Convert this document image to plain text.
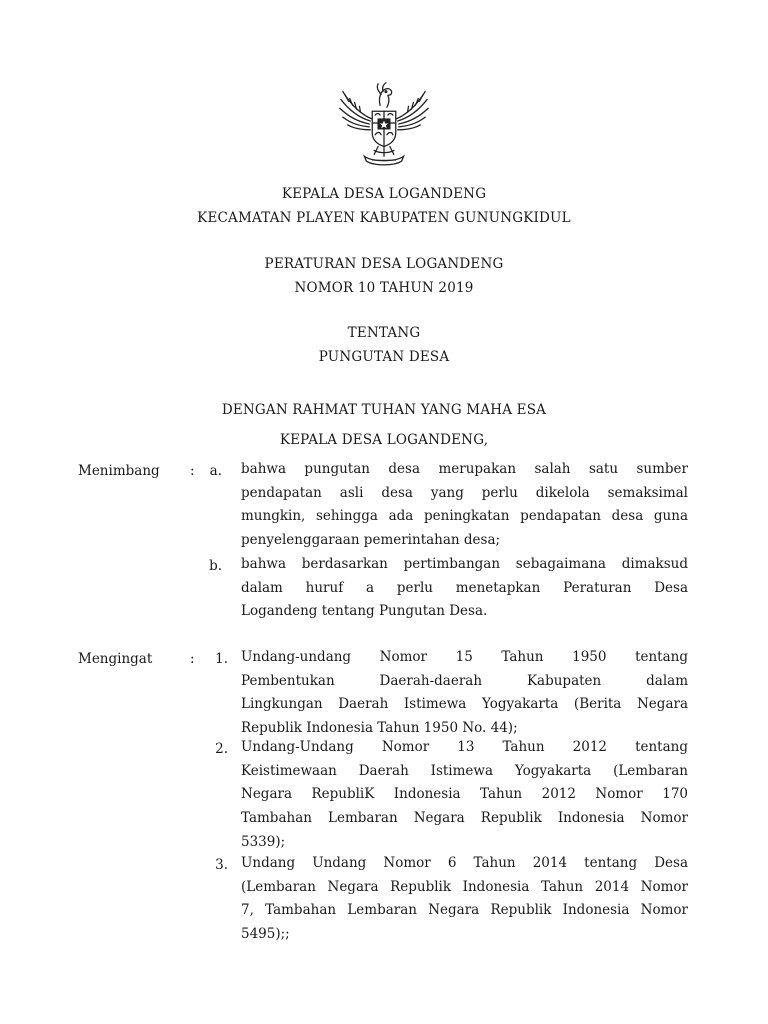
KEPALA DESA LOGANDENG
KECAMATAN PLAYEN KABUPATEN GUNUNGKIDUL
PERATURAN DESA LOGANDENG
NOMOR 10 TAHUN 2019
TENTANG
PUNGUTAN DESA
DENGAN RAHMAT TUHAN YANG MAHA ESA
KEPALA DESA LOGANDENG,
Menimbang :	a. bahwa pungutan desa merupakan salah satu sumber
pendapatan asli desa yang perlu dikelola semaksimal
mungkin, sehingga ada peningkatan pendapatan desa guna
penyelenggaraan pemerintahan desa;
b. bahwa berdasarkan pertimbangan sebagaimana dimaksud
dalam huruf a perlu menetapkan Peraturan Desa
Logandeng tentang Pungutan Desa.
Mengingat	:	1. Undang-undang Nomor 15 Tahun 1950 tentang
Pembentukan Daerah-daerah Kabupaten dalam
Lingkungan Daerah Istimewa Yogyakarta (Berita Negara
Republik Indonesia Tahun 1950 No. 44);
2. Undang-Undang Nomor 13 Tahun 2012 tentang
Keistimewaan Daerah Istimewa Yogyakarta (Lembaran
Negara RepubliK Indonesia Tahun 2012 Nomor 170
Tambahan Lembaran Negara Republik Indonesia Nomor
5339);
3. Undang Undang Nomor 6 Tahun 2014 tentang Desa
(Lembaran Negara Republik Indonesia Tahun 2014 Nomor
7, Tambahan Lembaran Negara Republik Indonesia Nomor
5495);;
